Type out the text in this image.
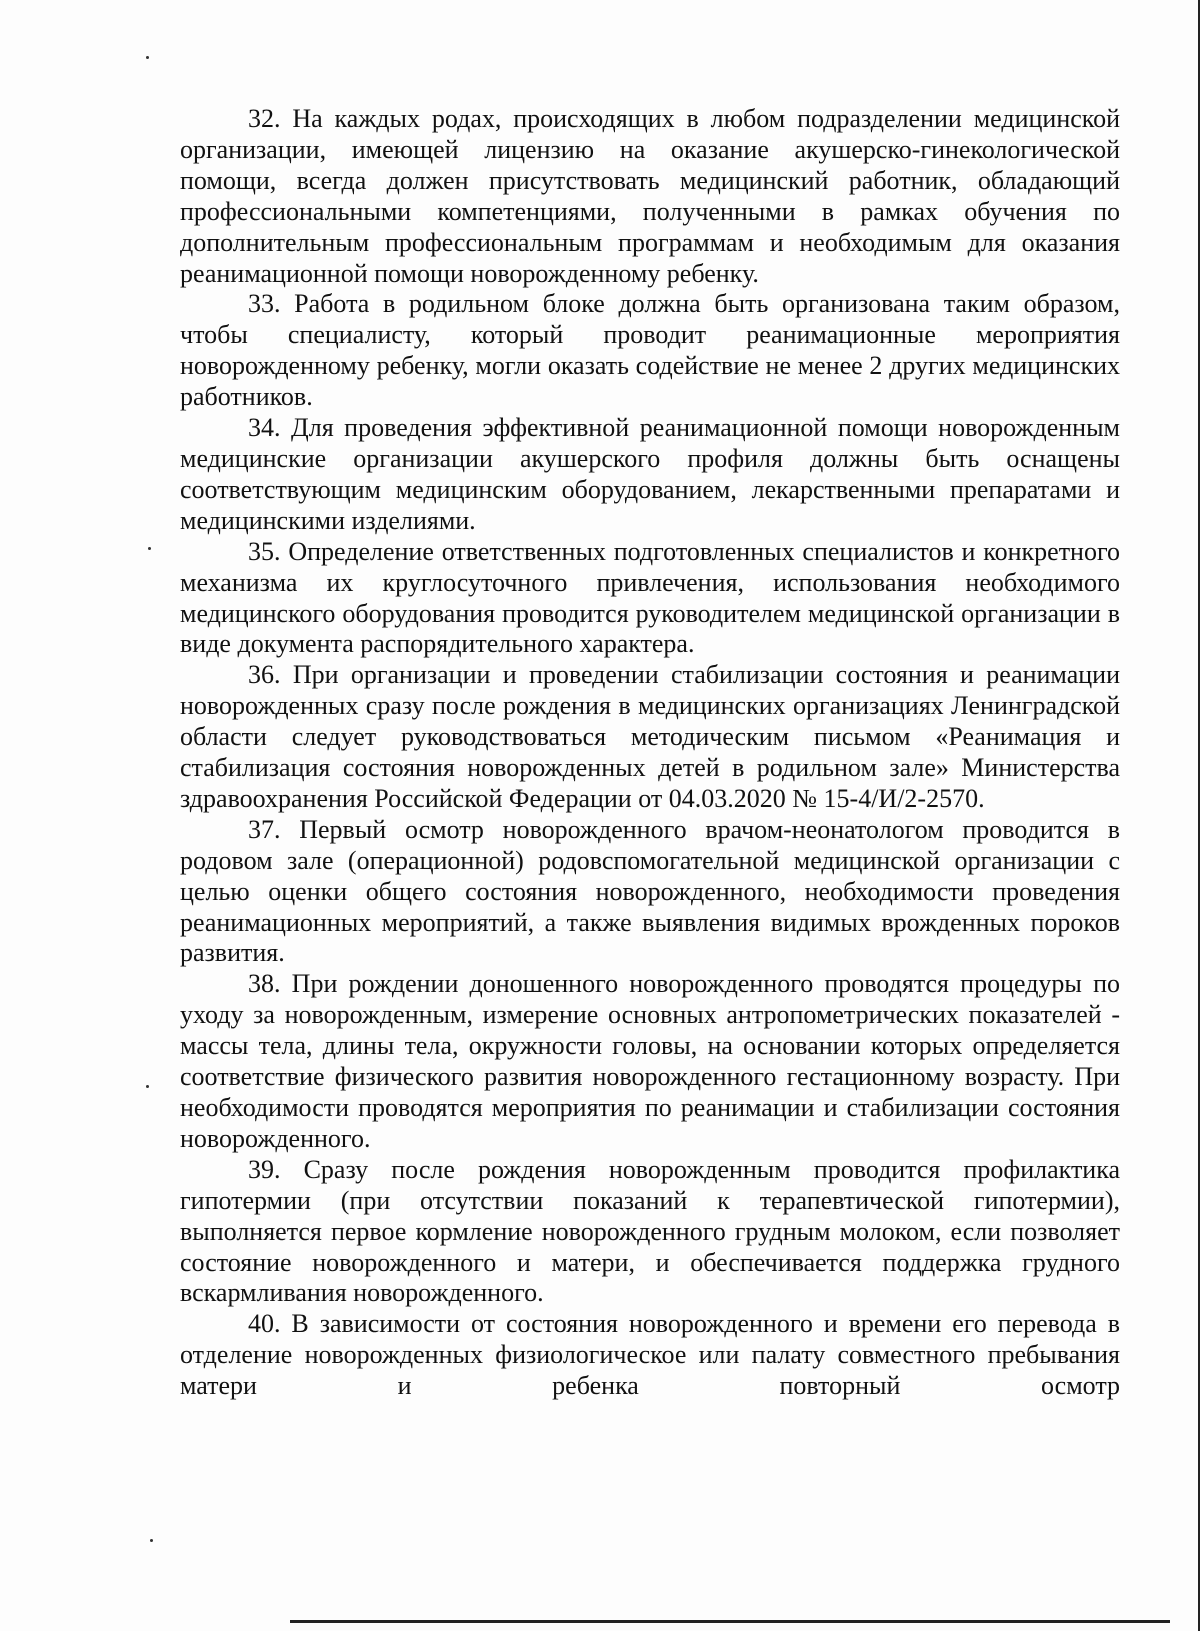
32. На каждых родах, происходящих в любом подразделении медицинской организации, имеющей лицензию на оказание акушерско-гинекологической помощи, всегда должен присутствовать медицинский работник, обладающий профессиональными компетенциями, полученными в рамках обучения по дополнительным профессиональным программам и необходимым для оказания реанимационной помощи новорожденному ребенку.

33. Работа в родильном блоке должна быть организована таким образом, чтобы специалисту, который проводит реанимационные мероприятия новорожденному ребенку, могли оказать содействие не менее 2 других медицинских работников.

34. Для проведения эффективной реанимационной помощи новорожденным медицинские организации акушерского профиля должны быть оснащены соответствующим медицинским оборудованием, лекарственными препаратами и медицинскими изделиями.

35. Определение ответственных подготовленных специалистов и конкретного механизма их круглосуточного привлечения, использования необходимого медицинского оборудования проводится руководителем медицинской организации в виде документа распорядительного характера.

36. При организации и проведении стабилизации состояния и реанимации новорожденных сразу после рождения в медицинских организациях Ленинградской области следует руководствоваться методическим письмом «Реанимация и стабилизация состояния новорожденных детей в родильном зале» Министерства здравоохранения Российской Федерации от 04.03.2020 № 15-4/И/2-2570.

37. Первый осмотр новорожденного врачом-неонатологом проводится в родовом зале (операционной) родовспомогательной медицинской организации с целью оценки общего состояния новорожденного, необходимости проведения реанимационных мероприятий, а также выявления видимых врожденных пороков развития.

38. При рождении доношенного новорожденного проводятся процедуры по уходу за новорожденным, измерение основных антропометрических показателей - массы тела, длины тела, окружности головы, на основании которых определяется соответствие физического развития новорожденного гестационному возрасту. При необходимости проводятся мероприятия по реанимации и стабилизации состояния новорожденного.

39. Сразу после рождения новорожденным проводится профилактика гипотермии (при отсутствии показаний к терапевтической гипотермии), выполняется первое кормление новорожденного грудным молоком, если позволяет состояние новорожденного и матери, и обеспечивается поддержка грудного вскармливания новорожденного.

40. В зависимости от состояния новорожденного и времени его перевода в отделение новорожденных физиологическое или палату совместного пребывания матери и ребенка повторный осмотр
